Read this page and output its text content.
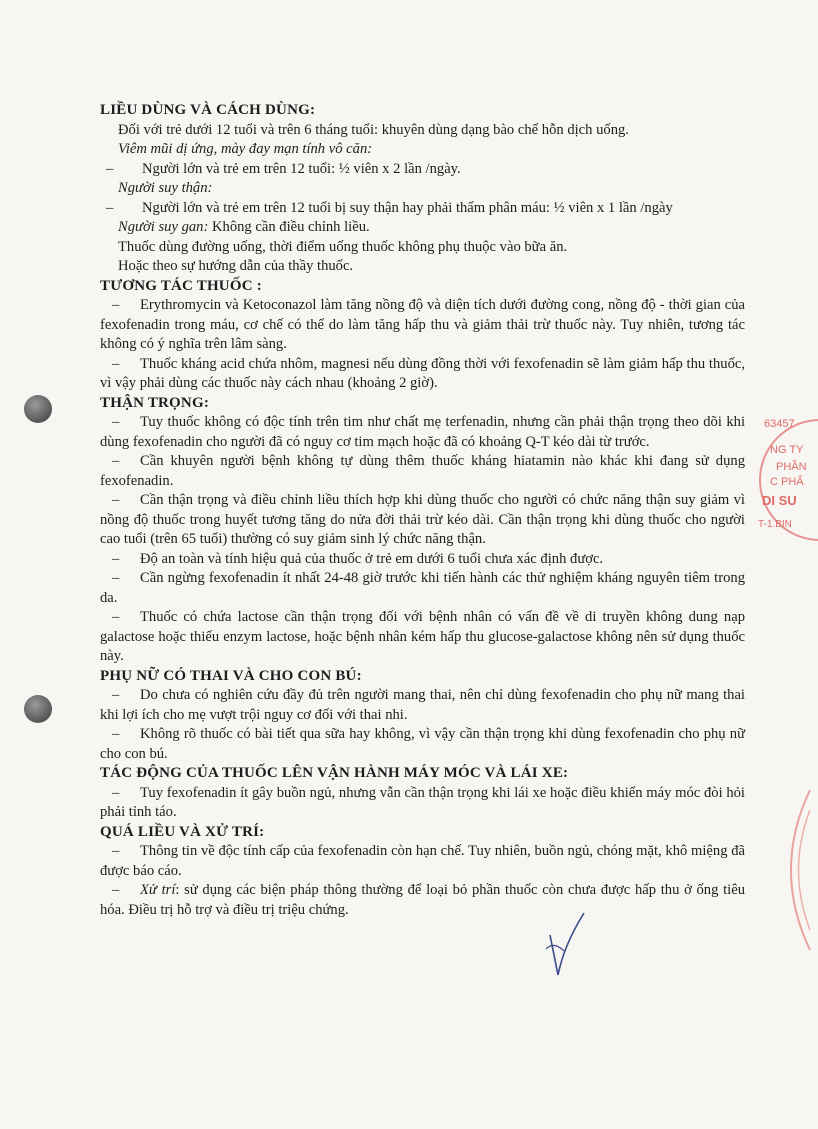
63457
NG TY
PHẦN
C PHẨ
DI SU
T-1.BIN
LIỀU DÙNG VÀ CÁCH DÙNG:

Đối với trẻ dưới 12 tuổi và trên 6 tháng tuổi: khuyên dùng dạng bào chế hỗn dịch uống.

Viêm mũi dị ứng, mày đay mạn tính vô căn:

–	Người lớn và trẻ em trên 12 tuổi: ½ viên x 2 lần /ngày.

Người suy thận:

–	Người lớn và trẻ em trên 12 tuổi bị suy thận hay phải thẩm phân máu: ½ viên x 1 lần /ngày

Người suy gan: Không cần điều chỉnh liều.

Thuốc dùng đường uống, thời điểm uống thuốc không phụ thuộc vào bữa ăn.

Hoặc theo sự hướng dẫn của thầy thuốc.

TƯƠNG TÁC THUỐC :

– Erythromycin và Ketoconazol làm tăng nồng độ và diện tích dưới đường cong, nồng độ - thời gian của fexofenadin trong máu, cơ chế có thể do làm tăng hấp thu và giảm thải trừ thuốc này. Tuy nhiên, tương tác không có ý nghĩa trên lâm sàng.

– Thuốc kháng acid chứa nhôm, magnesi nếu dùng đồng thời với fexofenadin sẽ làm giảm hấp thu thuốc, vì vậy phải dùng các thuốc này cách nhau (khoảng 2 giờ).

THẬN TRỌNG:

– Tuy thuốc không có độc tính trên tim như chất mẹ terfenadin, nhưng cần phải thận trọng theo dõi khi dùng fexofenadin cho người đã có nguy cơ tim mạch hoặc đã có khoảng Q-T kéo dài từ trước.

– Cần khuyên người bệnh không tự dùng thêm thuốc kháng hiatamin nào khác khi đang sử dụng fexofenadin.

– Cần thận trọng và điều chỉnh liều thích hợp khi dùng thuốc cho người có chức năng thận suy giảm vì nồng độ thuốc trong huyết tương tăng do nửa đời thải trừ kéo dài. Cần thận trọng khi dùng thuốc cho người cao tuổi (trên 65 tuổi) thường có suy giảm sinh lý chức năng thận.

– Độ an toàn và tính hiệu quả của thuốc ở trẻ em dưới 6 tuổi chưa xác định được.

– Cần ngừng fexofenadin ít nhất 24-48 giờ trước khi tiến hành các thử nghiệm kháng nguyên tiêm trong da.

– Thuốc có chứa lactose cần thận trọng đối với bệnh nhân có vấn đề về di truyền không dung nạp galactose hoặc thiếu enzym lactose, hoặc bệnh nhân kém hấp thu glucose-galactose không nên sử dụng thuốc này.

PHỤ NỮ CÓ THAI VÀ CHO CON BÚ:

– Do chưa có nghiên cứu đầy đủ trên người mang thai, nên chỉ dùng fexofenadin cho phụ nữ mang thai khi lợi ích cho mẹ vượt trội nguy cơ đối với thai nhi.

– Không rõ thuốc có bài tiết qua sữa hay không, vì vậy cần thận trọng khi dùng fexofenadin cho phụ nữ cho con bú.

TÁC ĐỘNG CỦA THUỐC LÊN VẬN HÀNH MÁY MÓC VÀ LÁI XE:

– Tuy fexofenadin ít gây buồn ngủ, nhưng vẫn cần thận trọng khi lái xe hoặc điều khiển máy móc đòi hỏi phải tỉnh táo.

QUÁ LIỀU VÀ XỬ TRÍ:

– Thông tin về độc tính cấp của fexofenadin còn hạn chế. Tuy nhiên, buồn ngủ, chóng mặt, khô miệng đã được báo cáo.

– Xử trí: sử dụng các biện pháp thông thường để loại bỏ phần thuốc còn chưa được hấp thu ở ống tiêu hóa. Điều trị hỗ trợ và điều trị triệu chứng.
